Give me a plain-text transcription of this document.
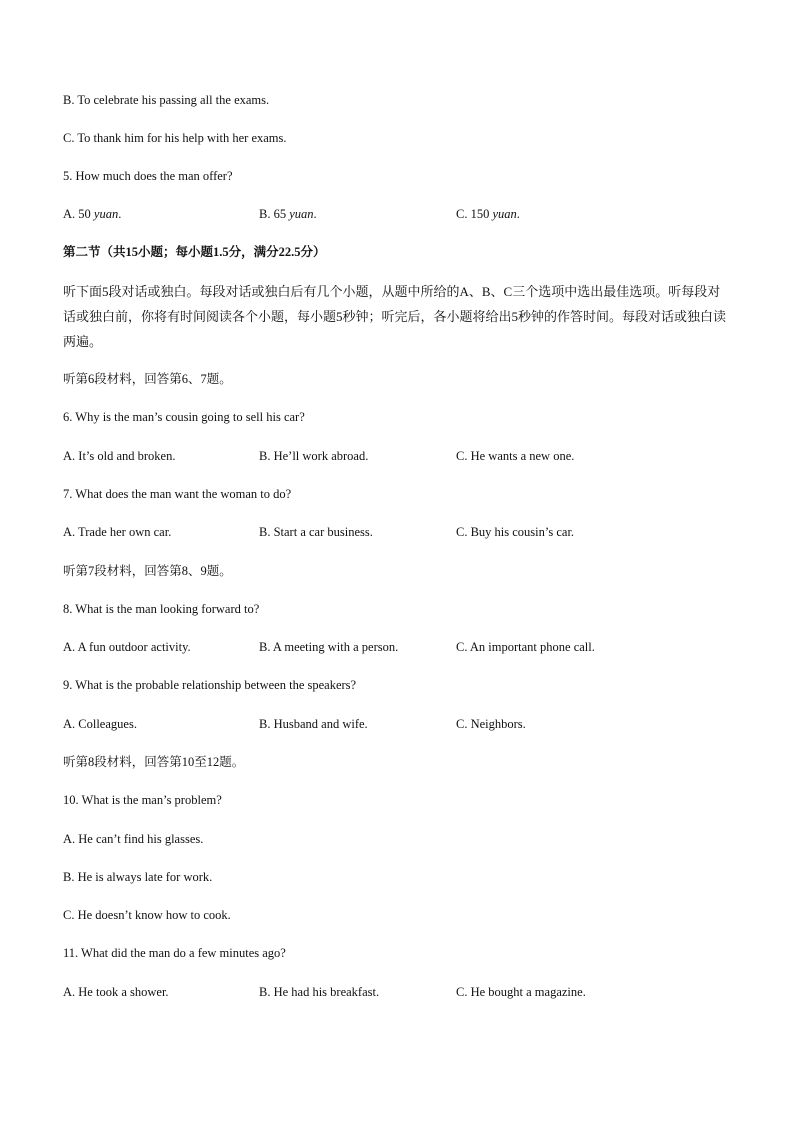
B. To celebrate his passing all the exams.
C. To thank him for his help with her exams.
5. How much does the man offer?
A. 50 yuan.	B. 65 yuan.	C. 150 yuan.
第二节（共15小题；每小题1.5分，满分22.5分）
听下面5段对话或独白。每段对话或独白后有几个小题，从题中所给的A、B、C三个选项中选出最佳选项。听每段对话或独白前，你将有时间阅读各个小题，每小题5秒钟；听完后，各小题将给出5秒钟的作答时间。每段对话或独白读两遍。
听第6段材料，回答第6、7题。
6. Why is the man’s cousin going to sell his car?
A. It’s old and broken.	B. He’ll work abroad.	C. He wants a new one.
7. What does the man want the woman to do?
A. Trade her own car.	B. Start a car business.	C. Buy his cousin’s car.
听第7段材料，回答第8、9题。
8. What is the man looking forward to?
A. A fun outdoor activity.	B. A meeting with a person.	C. An important phone call.
9. What is the probable relationship between the speakers?
A. Colleagues.	B. Husband and wife.	C. Neighbors.
听第8段材料，回答第10至12题。
10. What is the man’s problem?
A. He can’t find his glasses.
B. He is always late for work.
C. He doesn’t know how to cook.
11. What did the man do a few minutes ago?
A. He took a shower.	B. He had his breakfast.	C. He bought a magazine.
